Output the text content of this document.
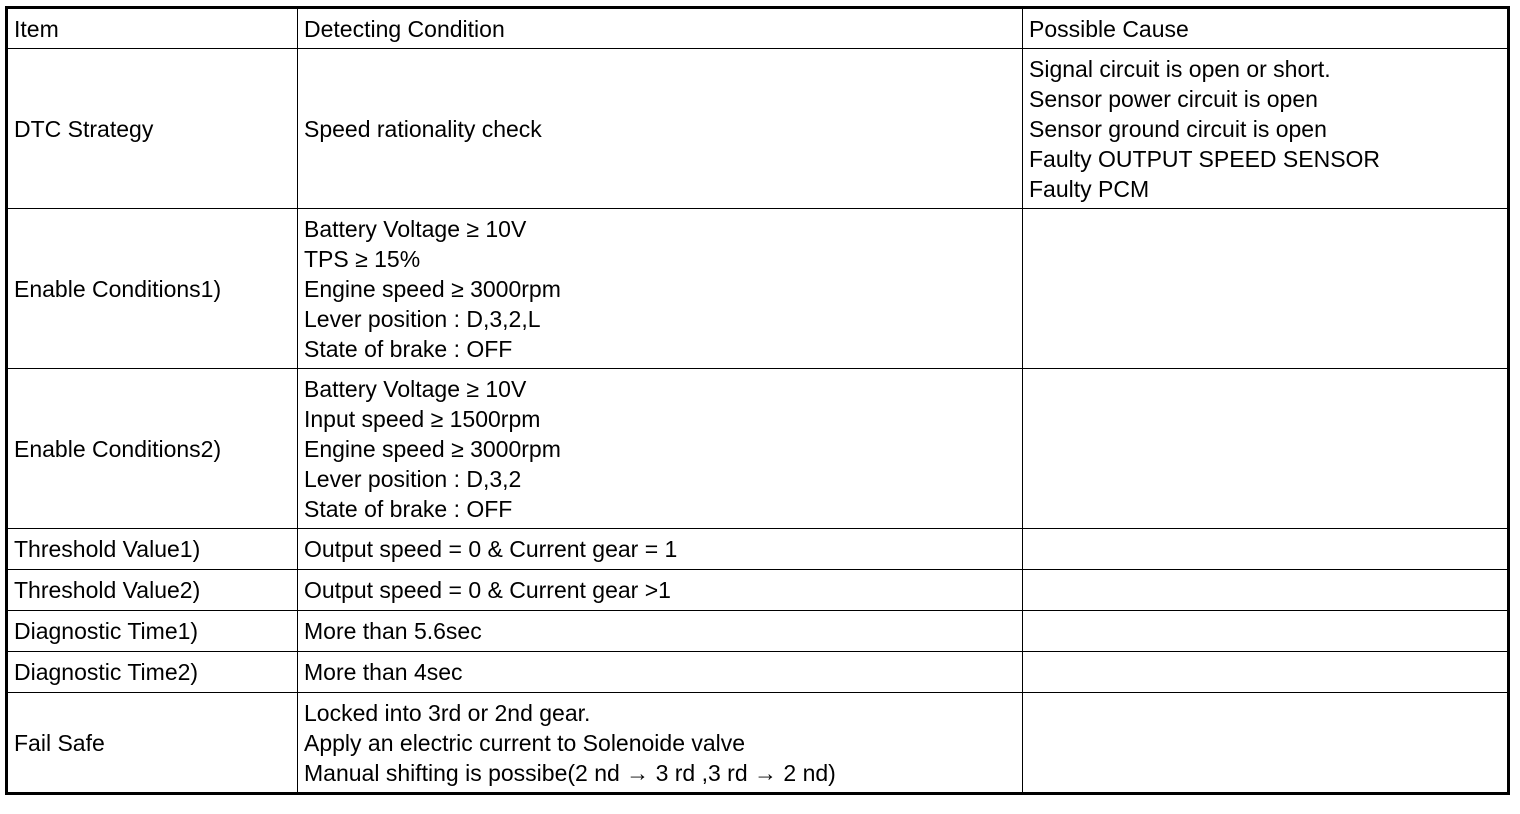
Item	Detecting Condition	Possible Cause
DTC Strategy	Speed rationality check	Signal circuit is open or short.
Sensor power circuit is open
Sensor ground circuit is open
Faulty OUTPUT SPEED SENSOR
Faulty PCM

Enable Conditions1)	Battery Voltage ≥ 10V
TPS ≥ 15%
Engine speed ≥ 3000rpm
Lever position : D,3,2,L
State of brake : OFF	

Enable Conditions2)	Battery Voltage ≥ 10V
Input speed ≥ 1500rpm
Engine speed ≥ 3000rpm
Lever position : D,3,2
State of brake : OFF	

Threshold Value1)	Output speed = 0 & Current gear = 1	

Threshold Value2)	Output speed = 0 & Current gear >1	

Diagnostic Time1)	More than 5.6sec	

Diagnostic Time2)	More than 4sec	

Fail Safe	Locked into 3rd or 2nd gear.
Apply an electric current to Solenoide valve
Manual shifting is possibe(2 nd → 3 rd ,3 rd → 2 nd)	
